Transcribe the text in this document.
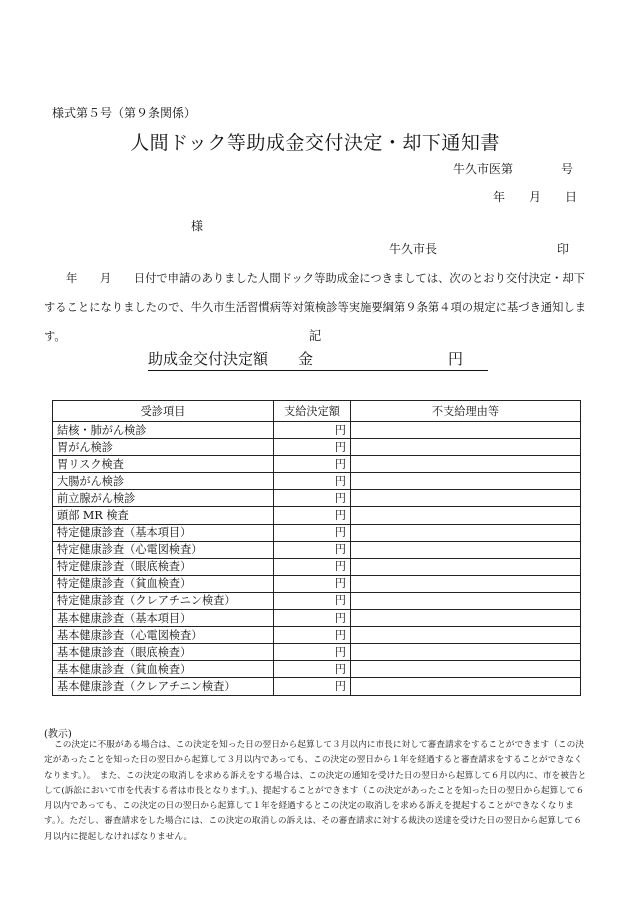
様式第５号（第９条関係）
人間ドック等助成金交付決定・却下通知書
牛久市医第　　　　号
年　　月　　日
様
牛久市長　　　　　　　　　　印
年　　月　　日付で申請のありました人間ドック等助成金につきましては、次のとおり交付決定・却下することになりましたので、牛久市生活習慣病等対策検診等実施要綱第９条第４項の規定に基づき通知します。	記
助成金交付決定額　　金　　　　　　　　　円
受診項目	支給決定額	不支給理由等
結核・肺がん検診	円	
胃がん検診	円	
胃リスク検査	円	
大腸がん検診	円	
前立腺がん検診	円	
頭部 MR 検査	円	
特定健康診査（基本項目）	円	
特定健康診査（心電図検査）	円	
特定健康診査（眼底検査）	円	
特定健康診査（貧血検査）	円	
特定健康診査（クレアチニン検査）	円	
基本健康診査（基本項目）	円	
基本健康診査（心電図検査）	円	
基本健康診査（眼底検査）	円	
基本健康診査（貧血検査）	円	
基本健康診査（クレアチニン検査）	円	
(教示)
この決定に不服がある場合は、この決定を知った日の翌日から起算して３月以内に市長に対して審査請求をすることができます（この決定があったことを知った日の翌日から起算して３月以内であっても、この決定の翌日から１年を経過すると審査請求をすることができなくなります。）。　また、この決定の取消しを求める訴えをする場合は、この決定の通知を受けた日の翌日から起算して６月以内に、市を被告として(訴訟において市を代表する者は市長となります。)、提起することができます（この決定があったことを知った日の翌日から起算して６月以内であっても、この決定の日の翌日から起算して１年を経過するとこの決定の取消しを求める訴えを提起することができなくなります。）。ただし、審査請求をした場合には、この決定の取消しの訴えは、その審査請求に対する裁決の送達を受けた日の翌日から起算して６月以内に提起しなければなりません。
